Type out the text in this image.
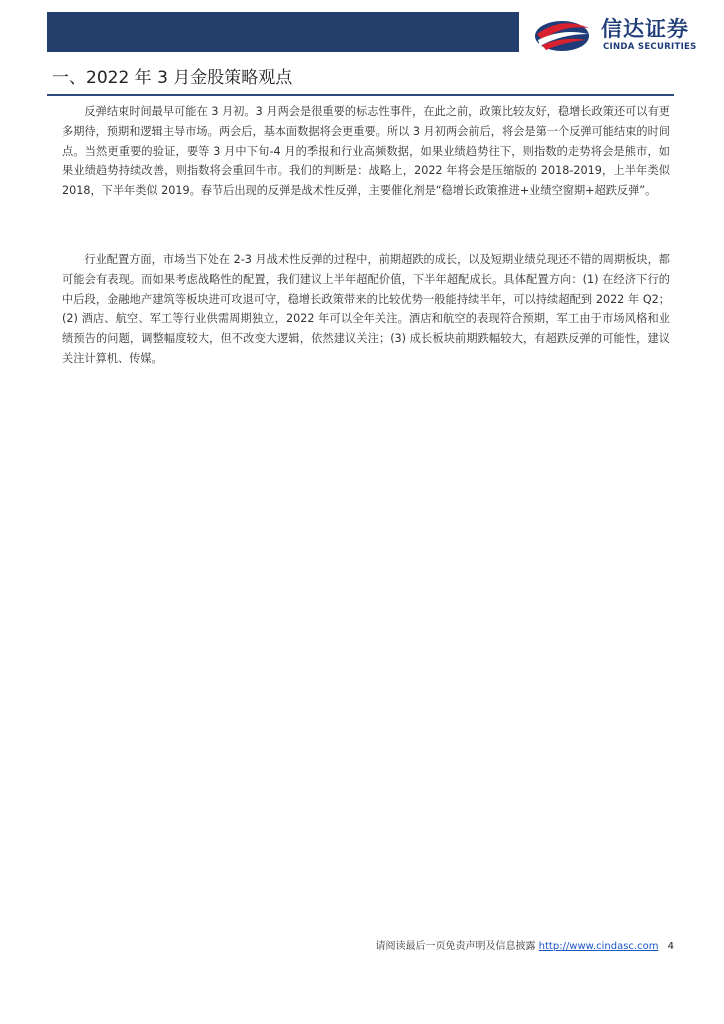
信达证券
CINDA SECURITIES
一、2022 年 3 月金股策略观点

反弹结束时间最早可能在 3 月初。3 月两会是很重要的标志性事件，在此之前，政策比较友好，稳增长政策还可以有更多期待，预期和逻辑主导市场。两会后，基本面数据将会更重要。所以 3 月初两会前后，将会是第一个反弹可能结束的时间点。当然更重要的验证，要等 3 月中下旬-4 月的季报和行业高频数据，如果业绩趋势往下，则指数的走势将会是熊市，如果业绩趋势持续改善，则指数将会重回牛市。我们的判断是：战略上，2022 年将会是压缩版的 2018-2019，上半年类似 2018，下半年类似 2019。春节后出现的反弹是战术性反弹，主要催化剂是“稳增长政策推进+业绩空窗期+超跌反弹”。

行业配置方面，市场当下处在 2-3 月战术性反弹的过程中，前期超跌的成长，以及短期业绩兑现还不错的周期板块，都可能会有表现。而如果考虑战略性的配置，我们建议上半年超配价值，下半年超配成长。具体配置方向：(1) 在经济下行的中后段，金融地产建筑等板块进可攻退可守，稳增长政策带来的比较优势一般能持续半年，可以持续超配到 2022 年 Q2；(2) 酒店、航空、军工等行业供需周期独立，2022 年可以全年关注。酒店和航空的表现符合预期，军工由于市场风格和业绩预告的问题，调整幅度较大，但不改变大逻辑，依然建议关注；(3) 成长板块前期跌幅较大，有超跌反弹的可能性，建议关注计算机、传媒。

请阅读最后一页免责声明及信息披露 http://www.cindasc.com 4
